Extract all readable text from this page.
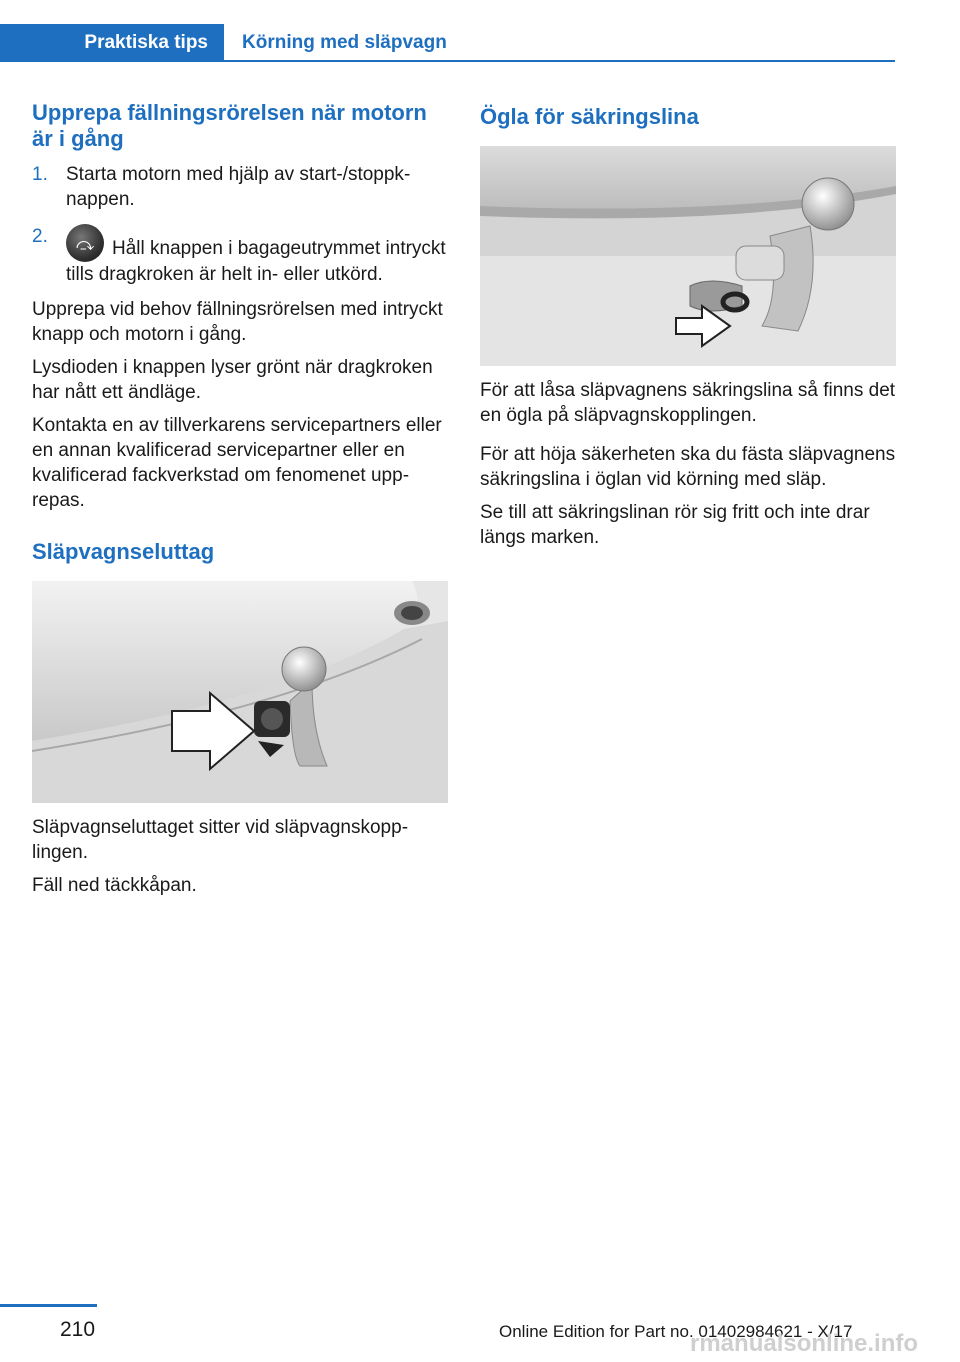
Praktiska tips	Körning med släpvagn
Upprepa fällningsrörelsen när motorn är i gång
1. Starta motorn med hjälp av start-/stoppknappen.
2.	⤼ Håll knappen i bagageutrymmet intryckt tills dragkroken är helt in- eller utkörd.

Upprepa vid behov fällningsrörelsen med intryckt knapp och motorn i gång.

Lysdioden i knappen lyser grönt när dragkroken har nått ett ändläge.

Kontakta en av tillverkarens servicepartners eller en annan kvalificerad servicepartner eller en kvalificerad fackverkstad om fenomenet upprepas.

Släpvagnseluttag

Släpvagnseluttaget sitter vid släpvagnskopplingen.

Fäll ned täckkåpan.

Ögla för säkringslina

För att låsa släpvagnens säkringslina så finns det en ögla på släpvagnskopplingen.

För att höja säkerheten ska du fästa släpvagnens säkringslina i öglan vid körning med släp.

Se till att säkringslinan rör sig fritt och inte drar längs marken.

210	Online Edition for Part no. 01402984621 - X/17
rmanualsonline.info
